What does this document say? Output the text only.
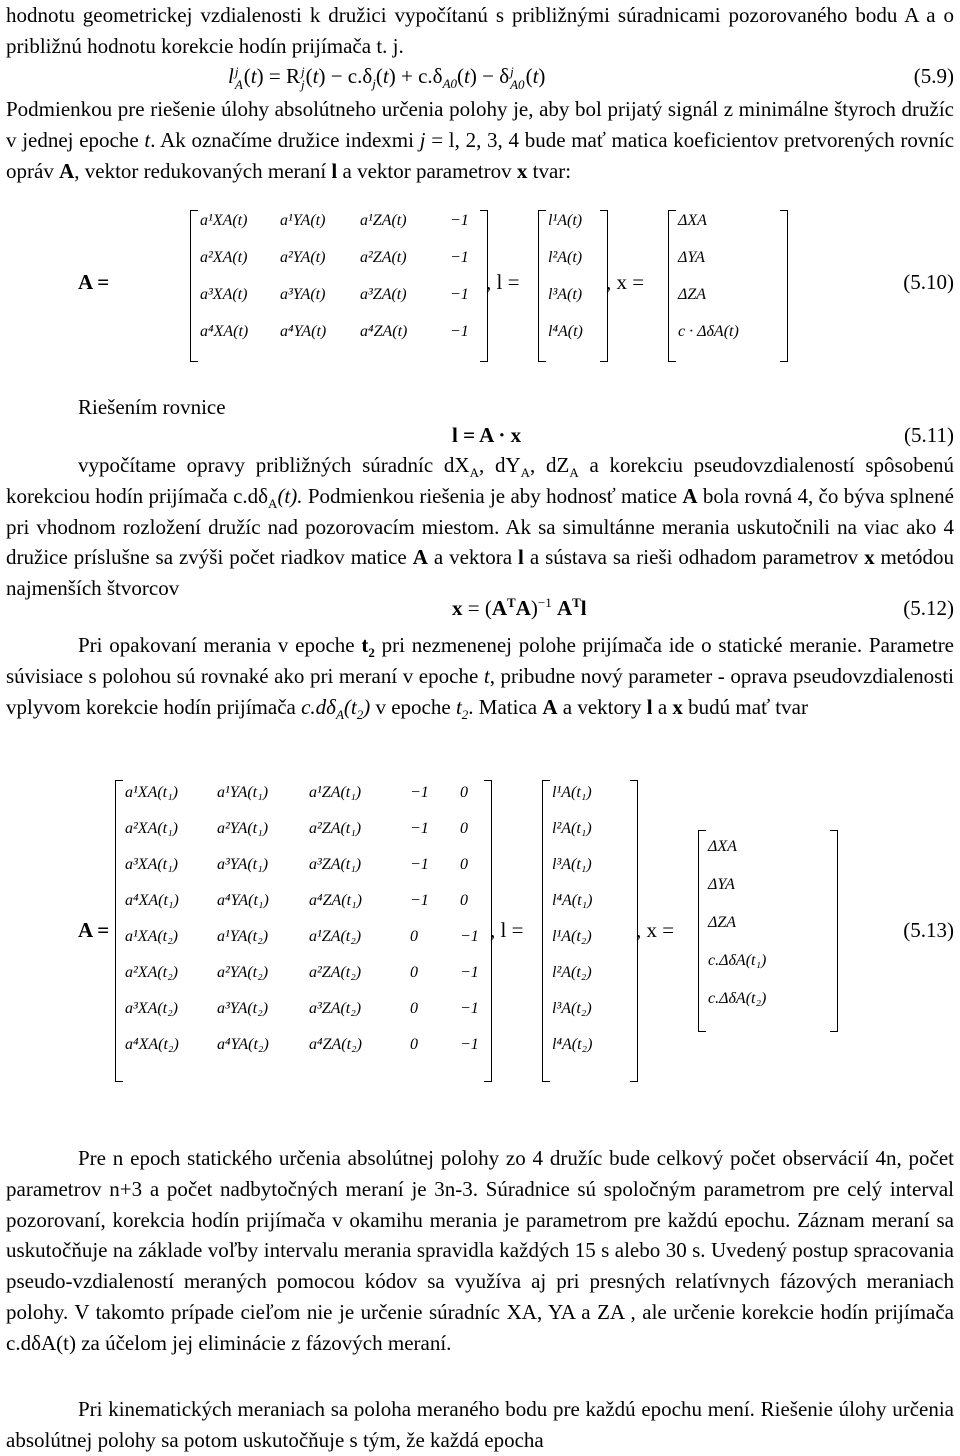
hodnotu geometrickej vzdialenosti k družici vypočítanú s približnými súradnicami pozorovaného bodu A a o približnú hodnotu korekcie hodín prijímača t. j.

l j
A (t) = R j
j $(t) - c.\delta_j(t) + c.\delta_{A0}(t) - \delta$ j
A0 (t)	(5.9)

Podmienkou pre riešenie úlohy absolútneho určenia polohy je, aby bol prijatý signál z minimálne štyroch družíc v jednej epoche t. Ak označíme družice indexmi j = l, 2, 3, 4 bude mať matica koeficientov pretvorených rovníc opráv A, vektor redukovaných meraní l a vektor parametrov x tvar:

A =
a¹XA(t) a¹YA(t) a¹ZA(t)	−1
a²XA(t) a²YA(t) a²ZA(t)	−1
a³XA(t) a³YA(t) a³ZA(t)	−1
a⁴XA(t) a⁴YA(t) a⁴ZA(t)	−1
, l =
l¹A(t)
l²A(t)
l³A(t)
l⁴A(t)
, x =
ΔXA
ΔYA
ΔZA
c · ΔδA(t)
(5.10)

Riešením rovnice

l = A · x	(5.11)

vypočítame opravy približných súradníc $dX_A$, $dY_A$, $dZ_A$ a korekciu pseudovzdialeností spôsobenú korekciou hodín prijímača $c.d\delta_A(t)$. Podmienkou riešenia je aby hodnosť matice A bola rovná 4, čo býva splnené pri vhodnom rozložení družíc nad pozorovacím miestom. Ak sa simultánne merania uskutočnili na viac ako 4 družice príslušne sa zvýši počet riadkov matice A a vektora l a sústava sa rieši odhadom parametrov x metódou najmenších štvorcov

$x = (A^TA)^{-1}$ $A^Tl$	(5.12)

Pri opakovaní merania v epoche $t_2$ pri nezmenenej polohe prijímača ide o statické meranie. Parametre súvisiace s polohou sú rovnaké ako pri meraní v epoche t, pribudne nový parameter - oprava pseudovzdialenosti vplyvom korekcie hodín prijímača $c.d\delta_A(t_2)$ v epoche $t_2$. Matica A a vektory l a x budú mať tvar

A =
a¹XA(t₁) a¹YA(t₁)	a¹ZA(t₁)	−1 0
a²XA(t₁) a²YA(t₁)	a²ZA(t₁)	−1 0
a³XA(t₁) a³YA(t₁)	a³ZA(t₁)	−1 0
a⁴XA(t₁) a⁴YA(t₁)	a⁴ZA(t₁)	−1 0
a¹XA(t₂) a¹YA(t₂)	a¹ZA(t₂)	0	−1
a²XA(t₂) a²YA(t₂)	a²ZA(t₂)	0	−1
a³XA(t₂) a³YA(t₂)	a³ZA(t₂)	0	−1
a⁴XA(t₂) a⁴YA(t₂)	a⁴ZA(t₂)	0	−1
, l =
l¹A(t₁)
l²A(t₁)
l³A(t₁)
l⁴A(t₁)
l¹A(t₂)
l²A(t₂)
l³A(t₂)
l⁴A(t₂)
, x =
ΔXA
ΔYA
ΔZA
c.ΔδA(t₁)
c.ΔδA(t₂)
(5.13)

Pre n epoch statického určenia absolútnej polohy zo 4 družíc bude celkový počet observácií 4n, počet parametrov n+3 a počet nadbytočných meraní je 3n-3. Súradnice sú spoločným parametrom pre celý interval pozorovaní, korekcia hodín prijímača v okamihu merania je parametrom pre každú epochu. Záznam meraní sa uskutočňuje na základe voľby intervalu merania spravidla každých 15 s alebo 30 s. Uvedený postup spracovania pseudo-vzdialeností meraných pomocou kódov sa využíva aj pri presných relatívnych fázových meraniach polohy. V takomto prípade cieľom nie je určenie súradníc XA, YA a ZA , ale určenie korekcie hodín prijímača c.dδA(t) za účelom jej eliminácie z fázových meraní.

Pri kinematických meraniach sa poloha meraného bodu pre každú epochu mení. Riešenie úlohy určenia absolútnej polohy sa potom uskutočňuje s tým, že každá epocha
